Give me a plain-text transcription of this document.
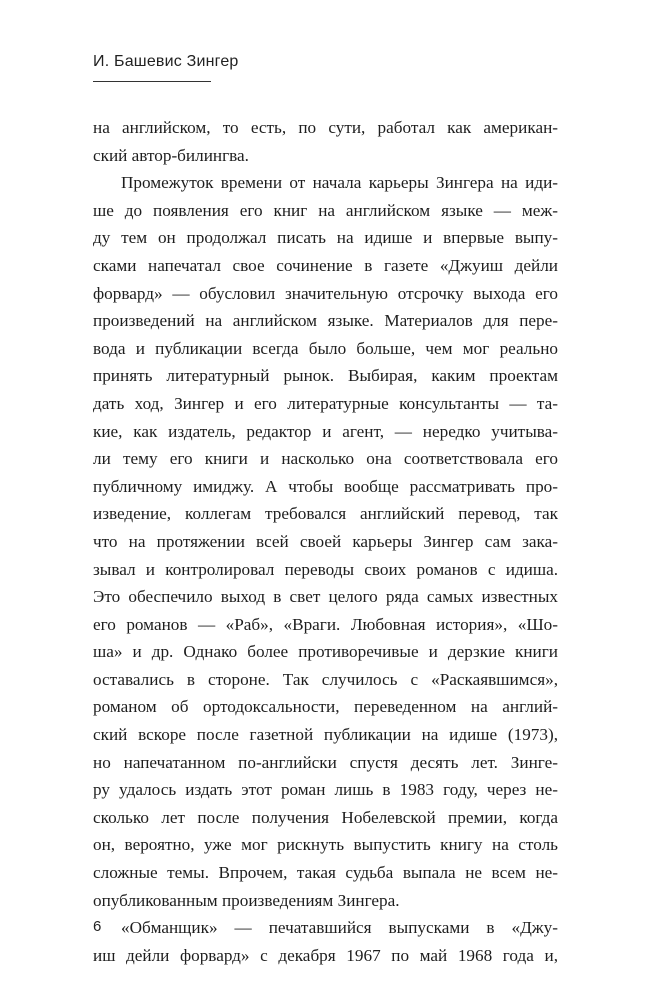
И. Башевис Зингер
на английском, то есть, по сути, работал как американ-
ский автор-билингва.
Промежуток времени от начала карьеры Зингера на иди-
ше до появления его книг на английском языке — меж-
ду тем он продолжал писать на идише и впервые выпу-
сками напечатал свое сочинение в газете «Джуиш дейли
форвард» — обусловил значительную отсрочку выхода его
произведений на английском языке. Материалов для пере-
вода и публикации всегда было больше, чем мог реально
принять литературный рынок. Выбирая, каким проектам
дать ход, Зингер и его литературные консультанты — та-
кие, как издатель, редактор и агент, — нередко учитыва-
ли тему его книги и насколько она соответствовала его
публичному имиджу. А чтобы вообще рассматривать про-
изведение, коллегам требовался английский перевод, так
что на протяжении всей своей карьеры Зингер сам зака-
зывал и контролировал переводы своих романов с идиша.
Это обеспечило выход в свет целого ряда самых известных
его романов — «Раб», «Враги. Любовная история», «Шо-
ша» и др. Однако более противоречивые и дерзкие книги
оставались в стороне. Так случилось с «Раскаявшимся»,
романом об ортодоксальности, переведенном на англий-
ский вскоре после газетной публикации на идише (1973),
но напечатанном по-английски спустя десять лет. Зинге-
ру удалось издать этот роман лишь в 1983 году, через не-
сколько лет после получения Нобелевской премии, когда
он, вероятно, уже мог рискнуть выпустить книгу на столь
сложные темы. Впрочем, такая судьба выпала не всем не-
опубликованным произведениям Зингера.
«Обманщик» — печатавшийся выпусками в «Джу-
иш дейли форвард» с декабря 1967 по май 1968 года и,
6
